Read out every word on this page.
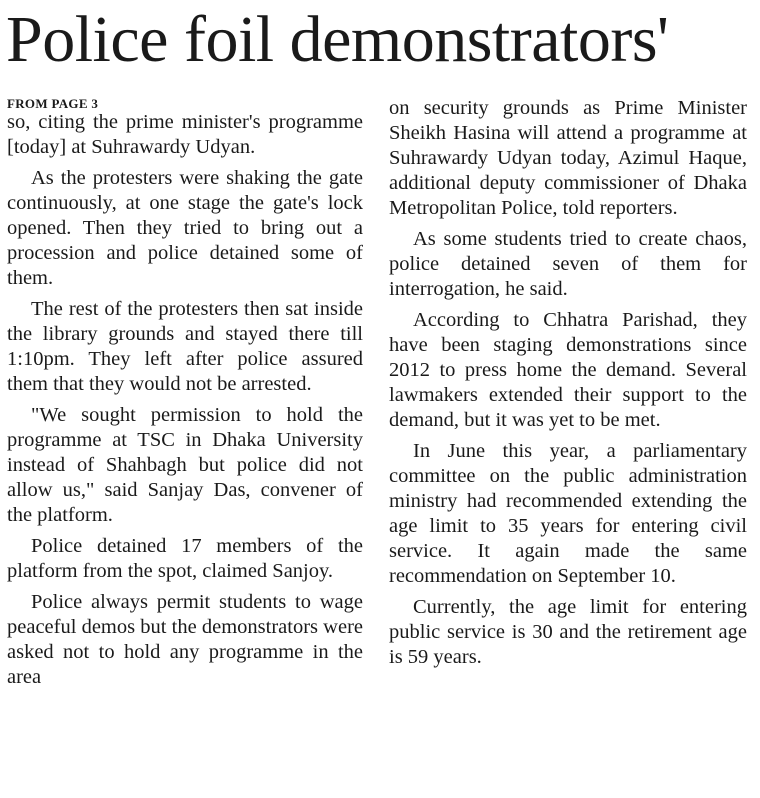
Police foil demonstrators'
FROM PAGE 3

so, citing the prime minister's programme [today] at Suhrawardy Udyan.

As the protesters were shaking the gate continuously, at one stage the gate's lock opened. Then they tried to bring out a procession and police detained some of them.

The rest of the protesters then sat inside the library grounds and stayed there till 1:10pm. They left after police assured them that they would not be arrested.

"We sought permission to hold the programme at TSC in Dhaka University instead of Shahbagh but police did not allow us," said Sanjay Das, convener of the platform.

Police detained 17 members of the platform from the spot, claimed Sanjoy.

Police always permit students to wage peaceful demos but the demonstrators were asked not to hold any programme in the area

on security grounds as Prime Minister Sheikh Hasina will attend a programme at Suhrawardy Udyan today, Azimul Haque, additional deputy commissioner of Dhaka Metropolitan Police, told reporters.

As some students tried to create chaos, police detained seven of them for interrogation, he said.

According to Chhatra Parishad, they have been staging demonstrations since 2012 to press home the demand. Several lawmakers extended their support to the demand, but it was yet to be met.

In June this year, a parliamentary committee on the public administration ministry had recommended extending the age limit to 35 years for entering civil service. It again made the same recommendation on September 10.

Currently, the age limit for entering public service is 30 and the retirement age is 59 years.
